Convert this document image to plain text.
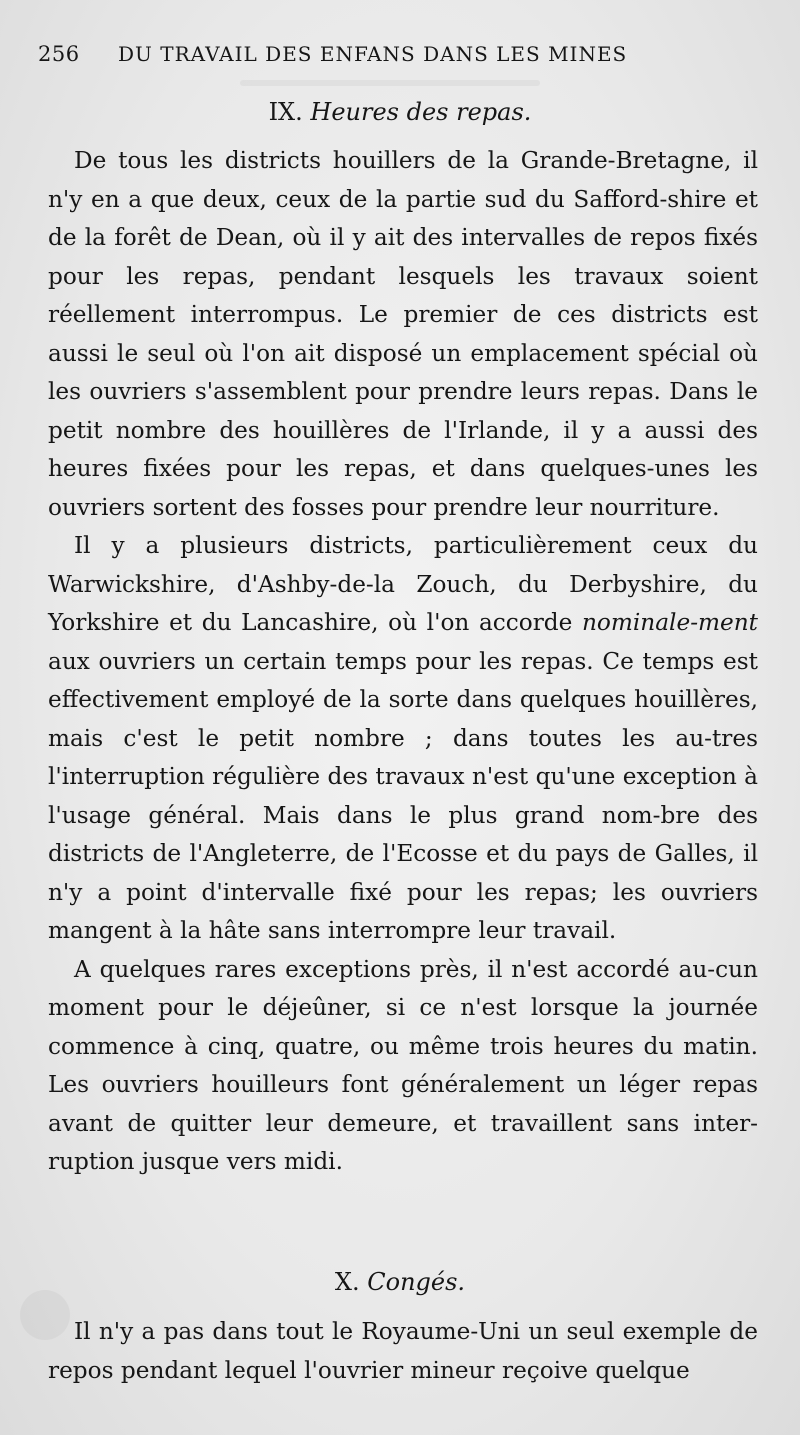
256 DU TRAVAIL DES ENFANS DANS LES MINES
IX. Heures des repas.

De tous les districts houillers de la Grande-Bretagne, il n'y en a que deux, ceux de la partie sud du Safford-shire et de la forêt de Dean, où il y ait des intervalles de repos fixés pour les repas, pendant lesquels les travaux soient réellement interrompus. Le premier de ces districts est aussi le seul où l'on ait disposé un emplacement spécial où les ouvriers s'assemblent pour prendre leurs repas. Dans le petit nombre des houillères de l'Irlande, il y a aussi des heures fixées pour les repas, et dans quelques-unes les ouvriers sortent des fosses pour prendre leur nourriture.

Il y a plusieurs districts, particulièrement ceux du Warwickshire, d'Ashby-de-la Zouch, du Derbyshire, du Yorkshire et du Lancashire, où l'on accorde nominale-ment aux ouvriers un certain temps pour les repas. Ce temps est effectivement employé de la sorte dans quelques houillères, mais c'est le petit nombre ; dans toutes les au-tres l'interruption régulière des travaux n'est qu'une exception à l'usage général. Mais dans le plus grand nom-bre des districts de l'Angleterre, de l'Ecosse et du pays de Galles, il n'y a point d'intervalle fixé pour les repas; les ouvriers mangent à la hâte sans interrompre leur travail.

A quelques rares exceptions près, il n'est accordé au-cun moment pour le déjeûner, si ce n'est lorsque la journée commence à cinq, quatre, ou même trois heures du matin. Les ouvriers houilleurs font généralement un léger repas avant de quitter leur demeure, et travaillent sans inter-ruption jusque vers midi.

X. Congés.

Il n'y a pas dans tout le Royaume-Uni un seul exemple de repos pendant lequel l'ouvrier mineur reçoive quelque
